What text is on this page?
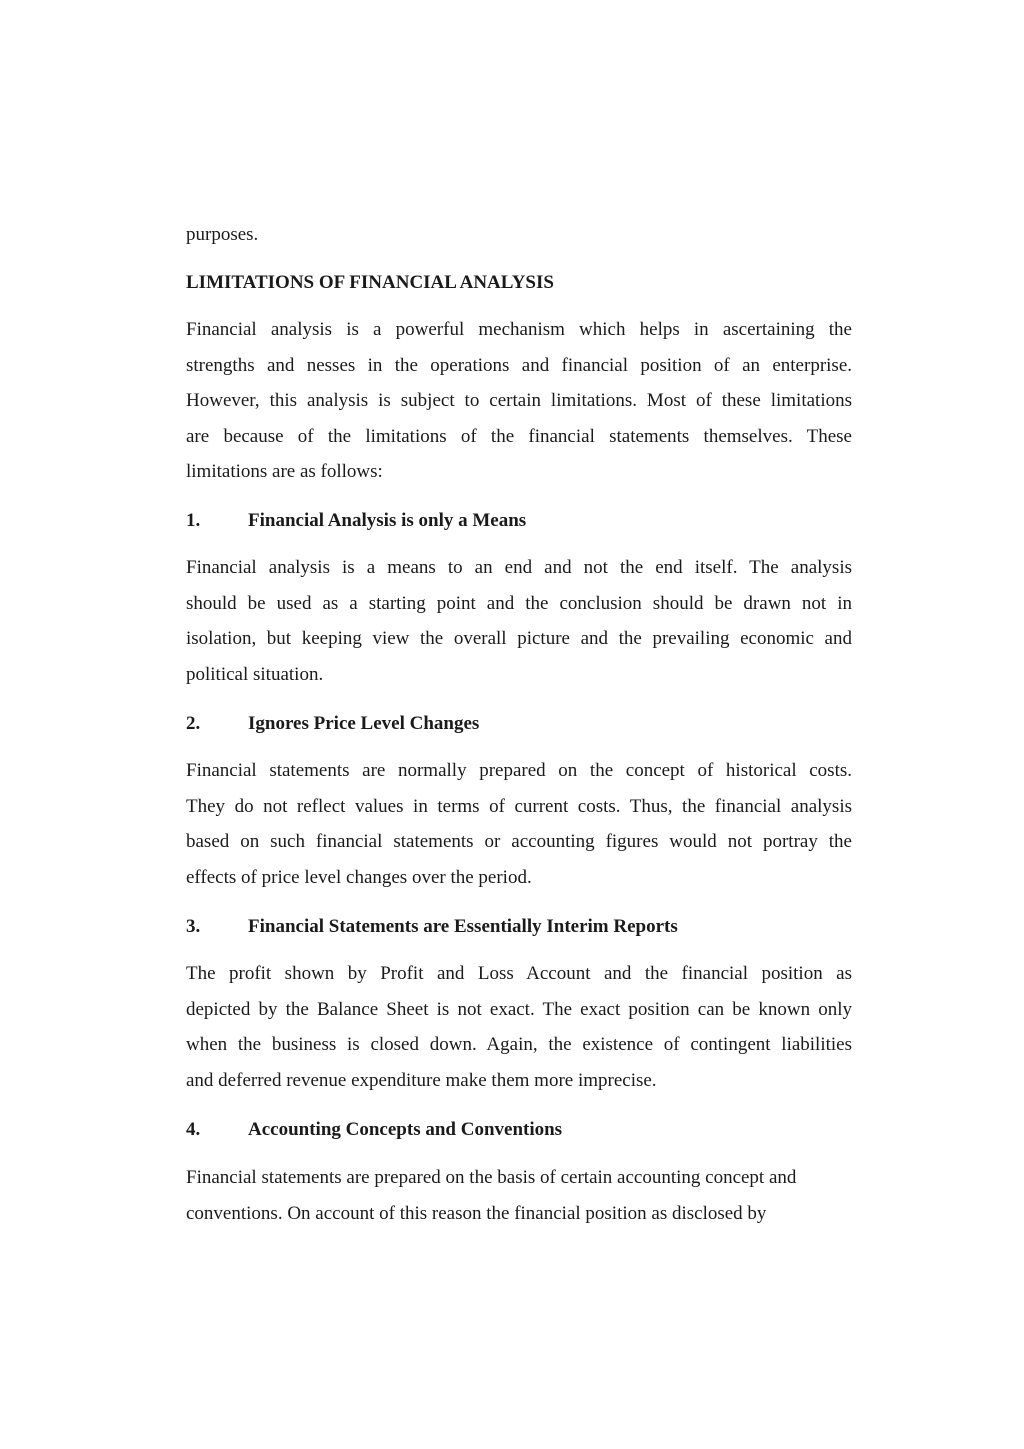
purposes.
LIMITATIONS OF FINANCIAL ANALYSIS
Financial analysis is a powerful mechanism which helps in ascertaining the
strengths and nesses in the operations and financial position of an enterprise.
However, this analysis is subject to certain limitations. Most of these limitations
are because of the limitations of the financial statements themselves. These
limitations are as follows:
1.	Financial Analysis is only a Means
Financial analysis is a means to an end and not the end itself. The analysis
should be used as a starting point and the conclusion should be drawn not in
isolation, but keeping view the overall picture and the prevailing economic and
political situation.
2.	Ignores Price Level Changes
Financial statements are normally prepared on the concept of historical costs.
They do not reflect values in terms of current costs. Thus, the financial analysis
based on such financial statements or accounting figures would not portray the
effects of price level changes over the period.
3.	Financial Statements are Essentially Interim Reports
The profit shown by Profit and Loss Account and the financial position as
depicted by the Balance Sheet is not exact. The exact position can be known only
when the business is closed down. Again, the existence of contingent liabilities
and deferred revenue expenditure make them more imprecise.
4.	Accounting Concepts and Conventions
Financial statements are prepared on the basis of certain accounting concept and
conventions. On account of this reason the financial position as disclosed by
